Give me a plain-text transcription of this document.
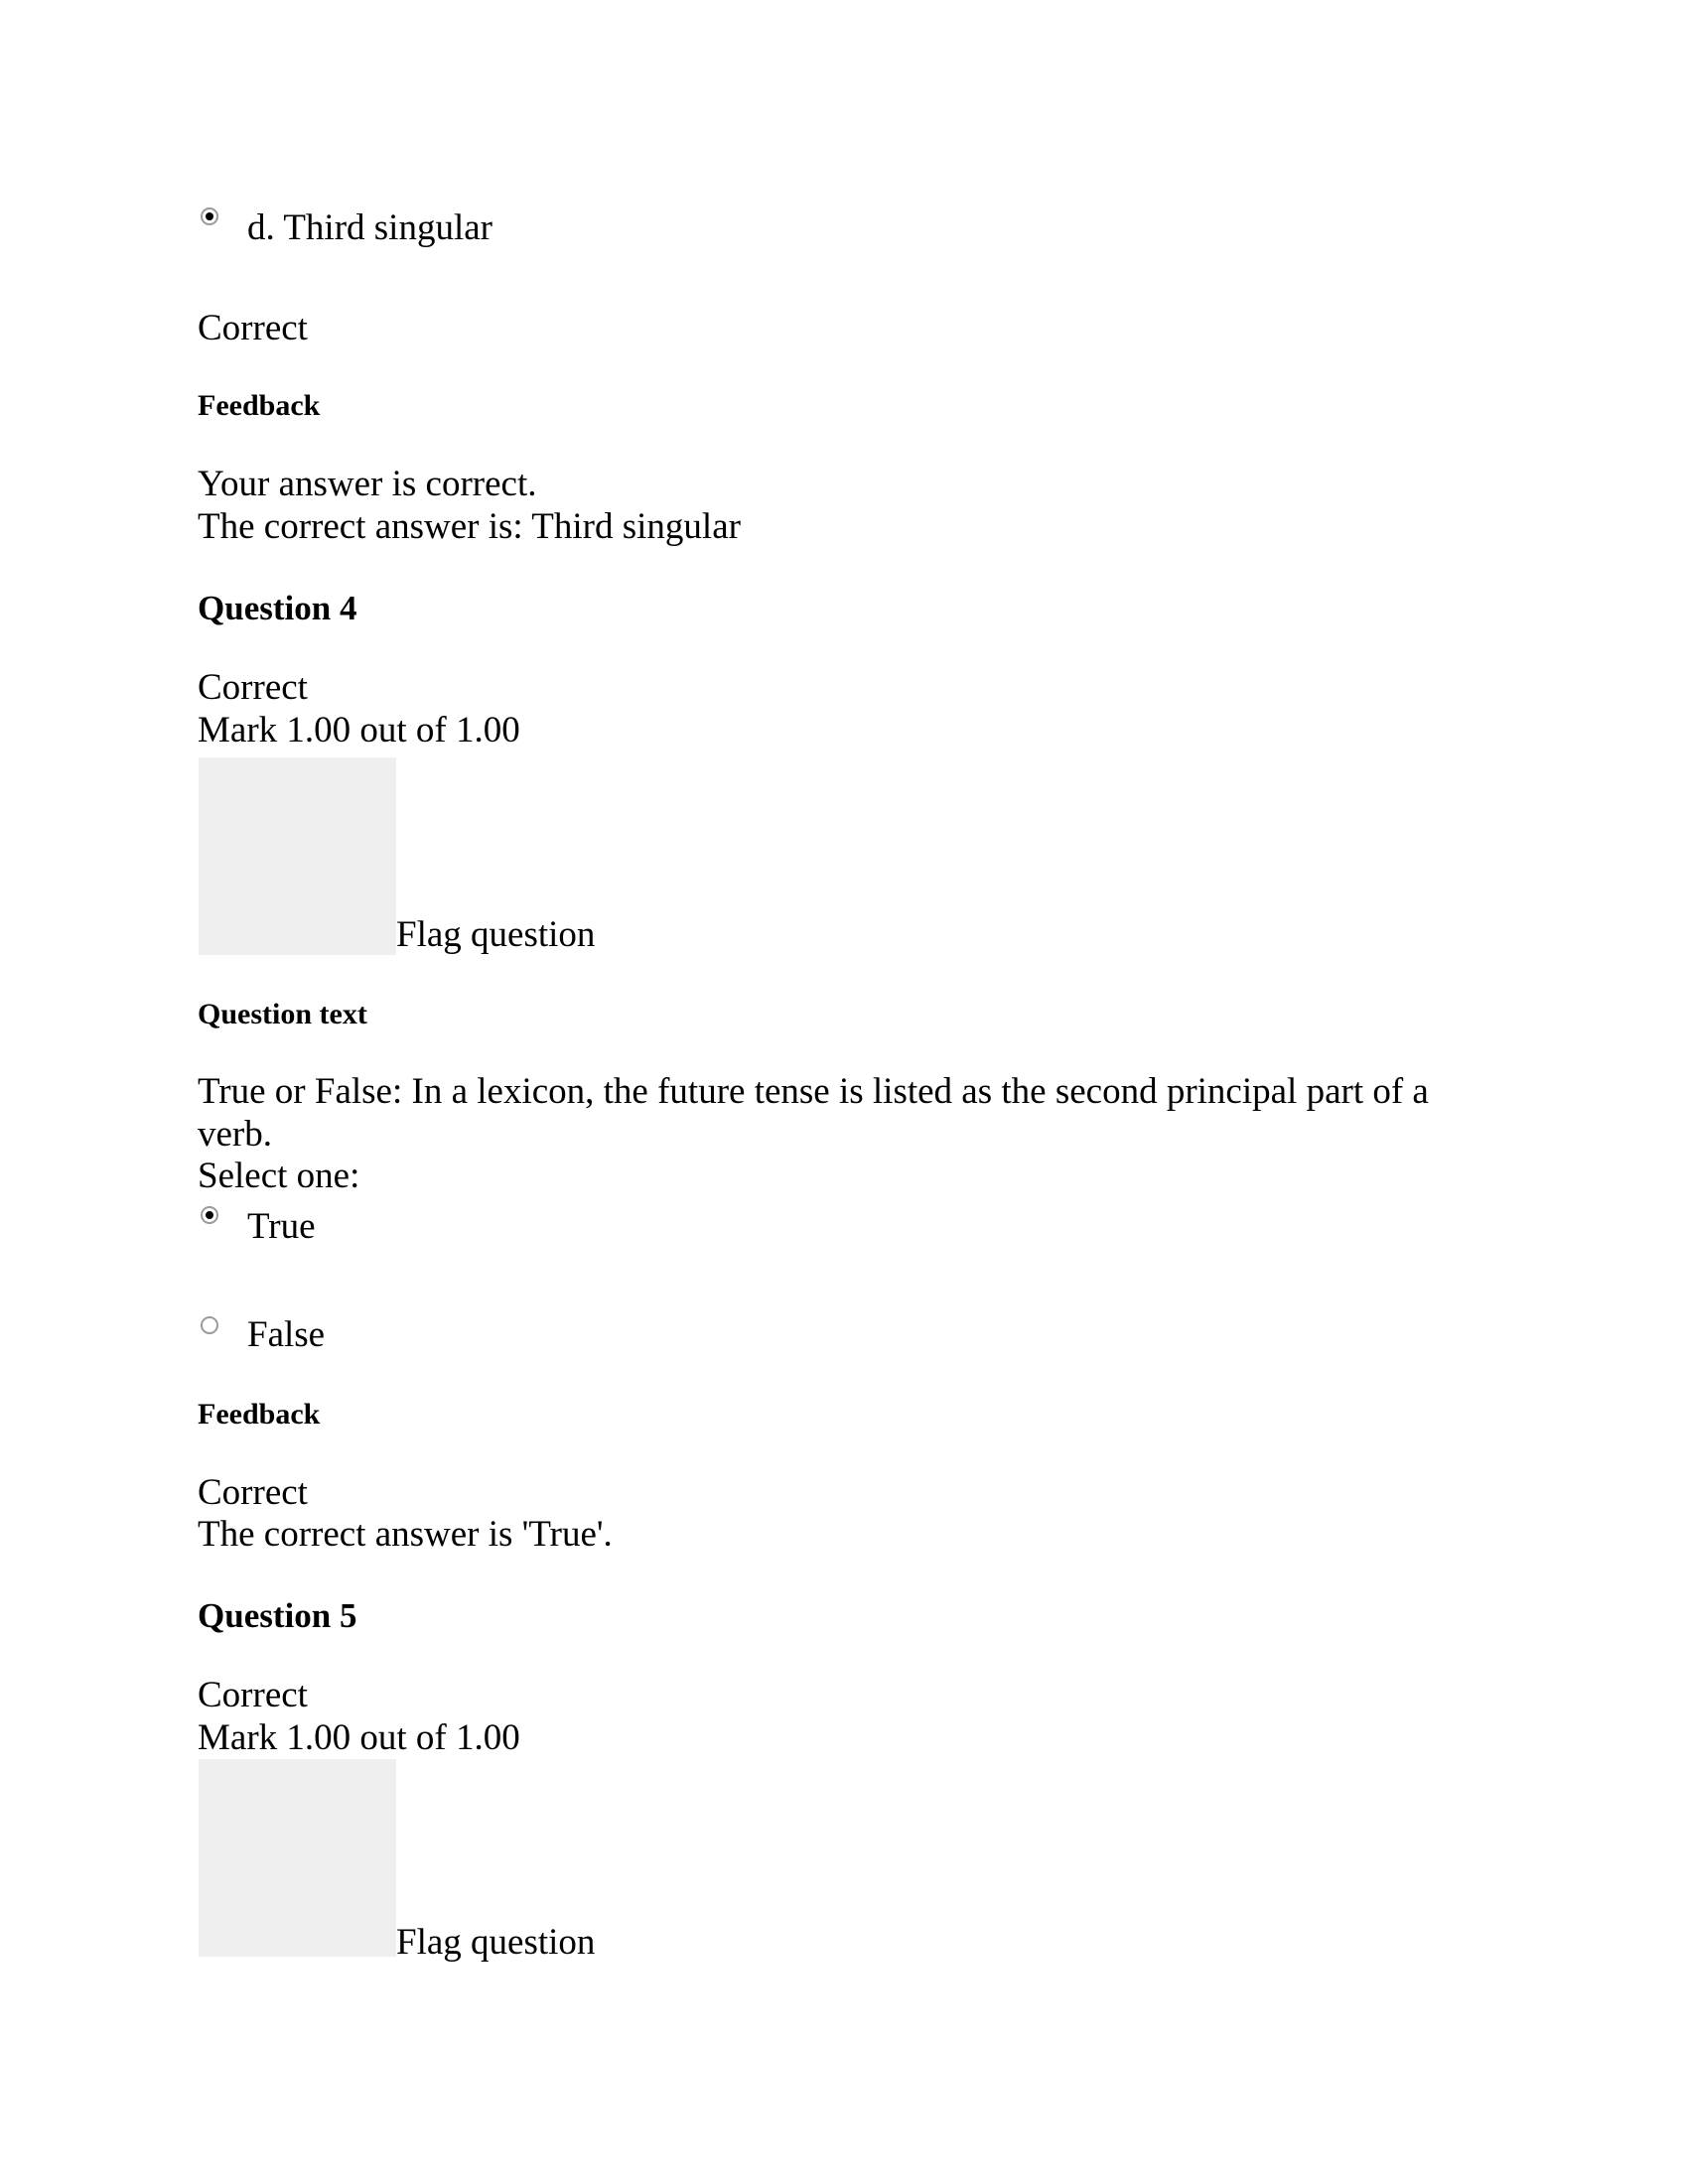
d. Third singular
Correct
Feedback
Your answer is correct.
The correct answer is: Third singular
Question 4
Correct
Mark 1.00 out of 1.00
Flag question
Question text
True or False: In a lexicon, the future tense is listed as the second principal part of a
verb.
Select one:
True
False
Feedback
Correct
The correct answer is 'True'.
Question 5
Correct
Mark 1.00 out of 1.00
Flag question
